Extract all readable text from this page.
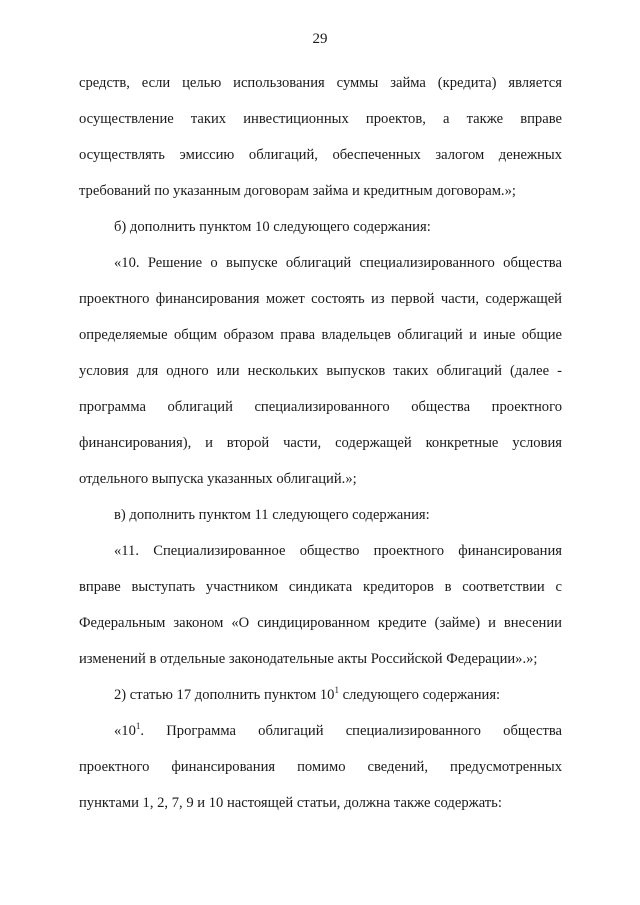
29
средств, если целью использования суммы займа (кредита) является
осуществление таких инвестиционных проектов, а также вправе
осуществлять эмиссию облигаций, обеспеченных залогом денежных
требований по указанным договорам займа и кредитным договорам.»;
б) дополнить пунктом 10 следующего содержания:
«10. Решение о выпуске облигаций специализированного общества
проектного финансирования может состоять из первой части, содержащей
определяемые общим образом права владельцев облигаций и иные общие
условия для одного или нескольких выпусков таких облигаций (далее -
программа облигаций специализированного общества проектного
финансирования), и второй части, содержащей конкретные условия
отдельного выпуска указанных облигаций.»;
в) дополнить пунктом 11 следующего содержания:
«11. Специализированное общество проектного финансирования
вправе выступать участником синдиката кредиторов в соответствии с
Федеральным законом «О синдицированном кредите (займе) и внесении
изменений в отдельные законодательные акты Российской Федерации».»;
2) статью 17 дополнить пунктом $10^1$ следующего содержания:
«$10^1$. Программа облигаций специализированного общества
проектного финансирования помимо сведений, предусмотренных
пунктами 1, 2, 7, 9 и 10 настоящей статьи, должна также содержать:
